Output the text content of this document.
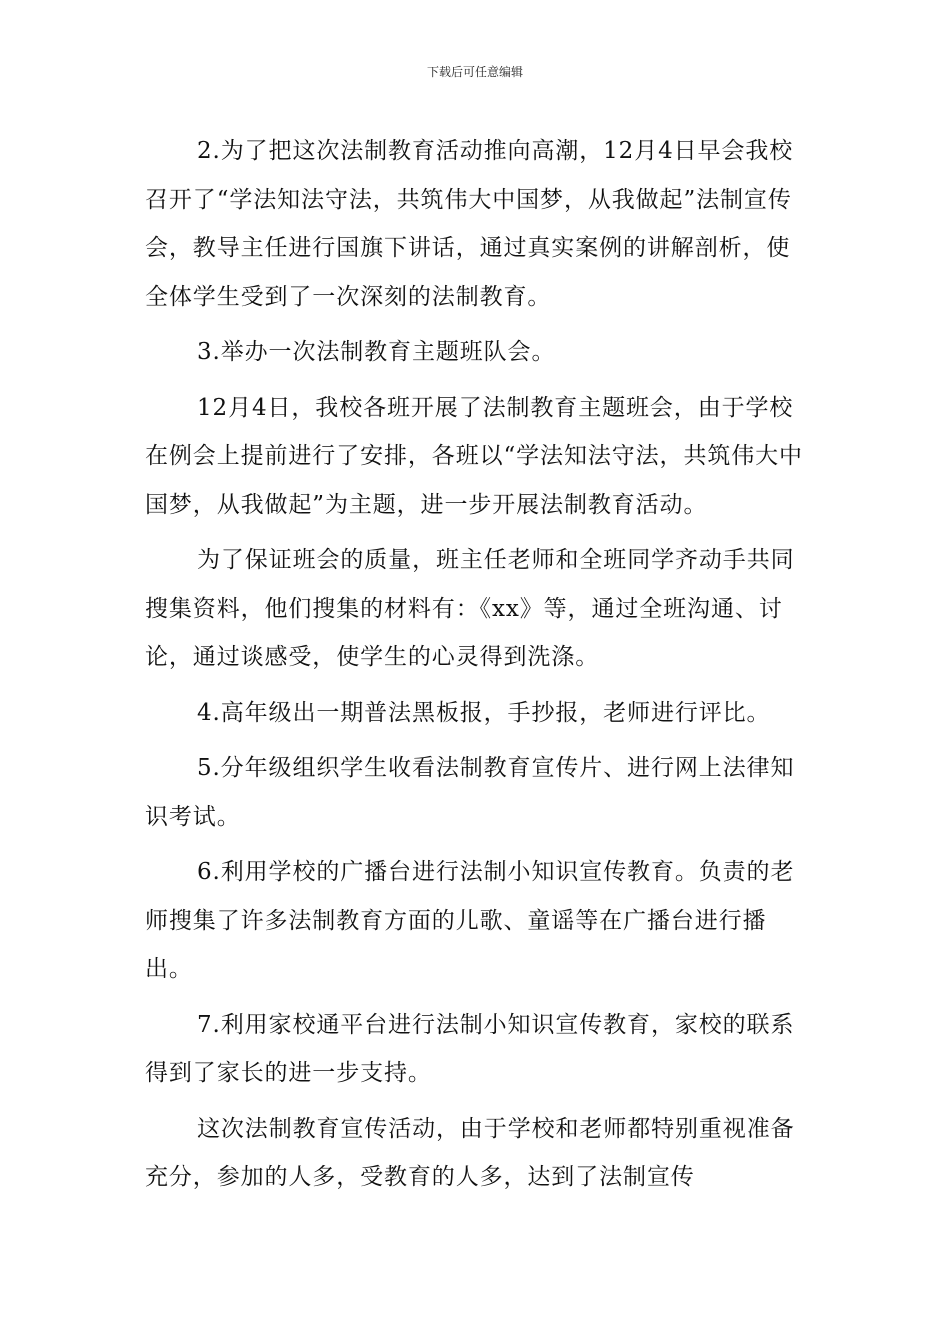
下载后可任意编辑

2.为了把这次法制教育活动推向高潮，12月4日早会我校召开了“学法知法守法，共筑伟大中国梦，从我做起”法制宣传会，教导主任进行国旗下讲话，通过真实案例的讲解剖析，使全体学生受到了一次深刻的法制教育。

3.举办一次法制教育主题班队会。

12月4日，我校各班开展了法制教育主题班会，由于学校在例会上提前进行了安排，各班以“学法知法守法，共筑伟大中国梦，从我做起”为主题，进一步开展法制教育活动。

为了保证班会的质量，班主任老师和全班同学齐动手共同搜集资料，他们搜集的材料有：《xx》等，通过全班沟通、讨论，通过谈感受，使学生的心灵得到洗涤。

4.高年级出一期普法黑板报，手抄报，老师进行评比。

5.分年级组织学生收看法制教育宣传片、进行网上法律知识考试。

6.利用学校的广播台进行法制小知识宣传教育。负责的老师搜集了许多法制教育方面的儿歌、童谣等在广播台进行播出。

7.利用家校通平台进行法制小知识宣传教育，家校的联系得到了家长的进一步支持。

这次法制教育宣传活动，由于学校和老师都特别重视准备充分，参加的人多，受教育的人多，达到了法制宣传
